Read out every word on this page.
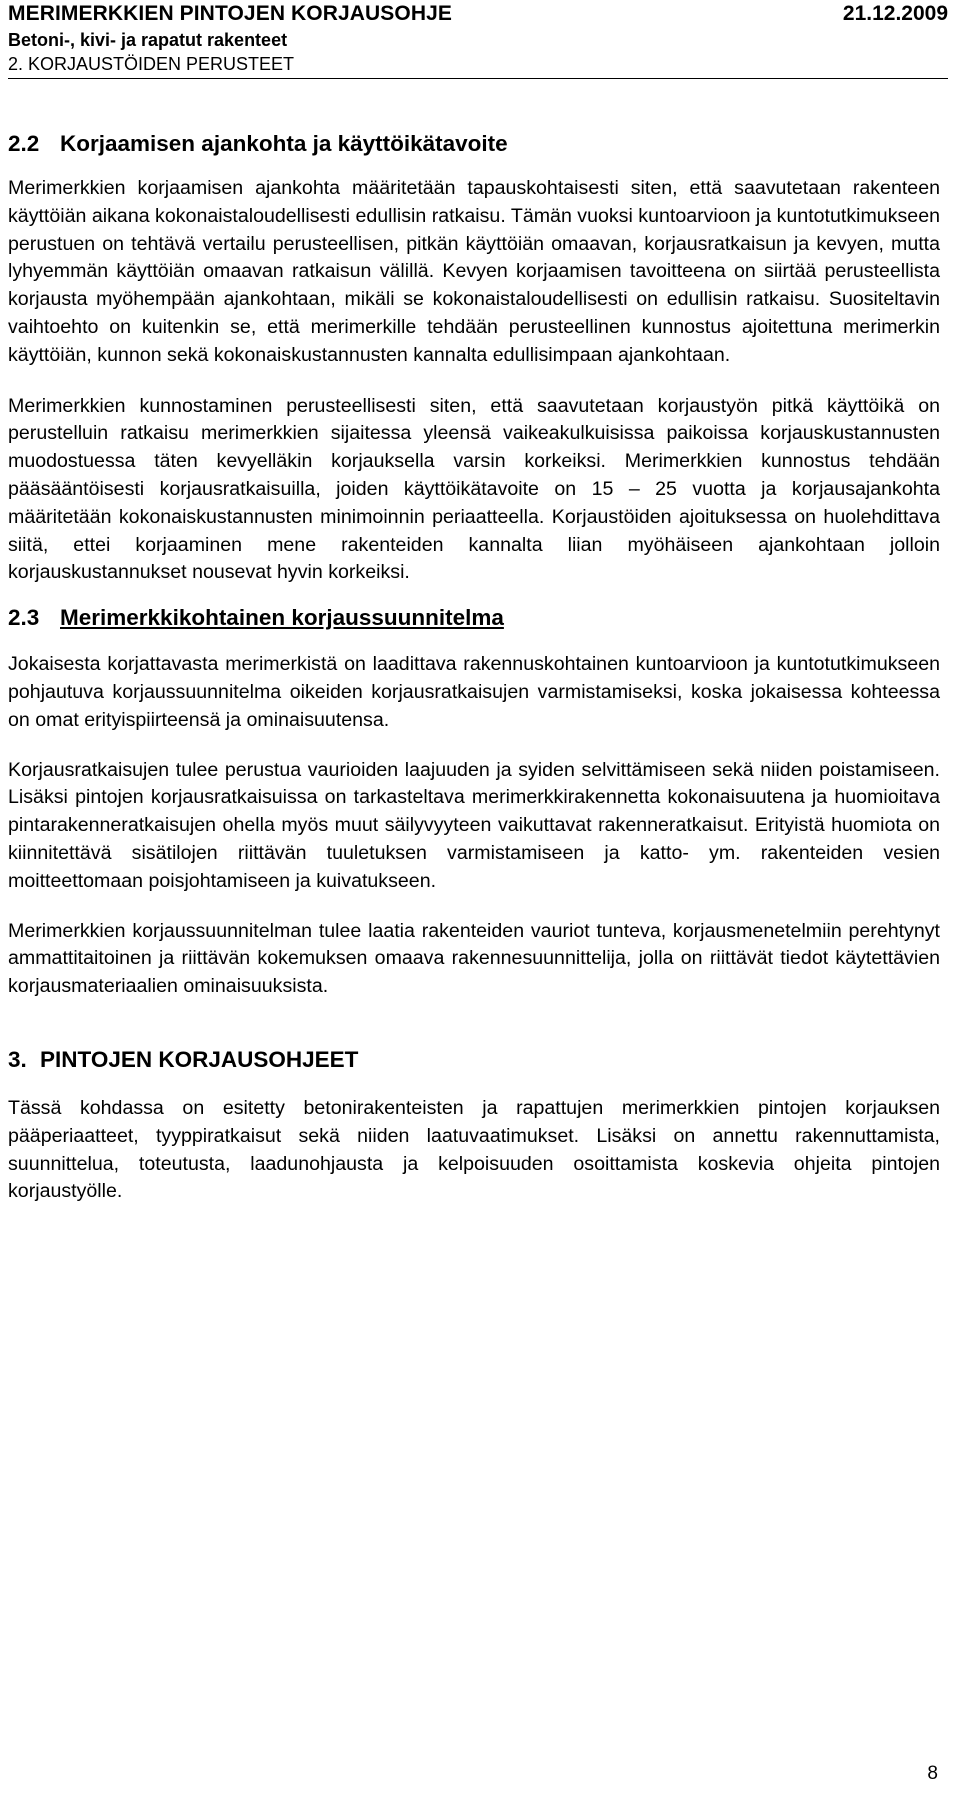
MERIMERKKIEN PINTOJEN KORJAUSOHJE	21.12.2009
Betoni-, kivi- ja rapatut rakenteet
2. KORJAUSTÖIDEN PERUSTEET
2.2 Korjaamisen ajankohta ja käyttöikätavoite

Merimerkkien korjaamisen ajankohta määritetään tapauskohtaisesti siten, että saavutetaan rakenteen käyttöiän aikana kokonaistaloudellisesti edullisin ratkaisu. Tämän vuoksi kuntoarvioon ja kuntotutkimukseen perustuen on tehtävä vertailu perusteellisen, pitkän käyttöiän omaavan, korjausratkaisun ja kevyen, mutta lyhyemmän käyttöiän omaavan ratkaisun välillä. Kevyen korjaamisen tavoitteena on siirtää perusteellista korjausta myöhempään ajankohtaan, mikäli se kokonaistaloudellisesti on edullisin ratkaisu. Suositeltavin vaihtoehto on kuitenkin se, että merimerkille tehdään perusteellinen kunnostus ajoitettuna merimerkin käyttöiän, kunnon sekä kokonaiskustannusten kannalta edullisimpaan ajankohtaan.

Merimerkkien kunnostaminen perusteellisesti siten, että saavutetaan korjaustyön pitkä käyttöikä on perustelluin ratkaisu merimerkkien sijaitessa yleensä vaikeakulkuisissa paikoissa korjauskustannusten muodostuessa täten kevyelläkin korjauksella varsin korkeiksi. Merimerkkien kunnostus tehdään pääsääntöisesti korjausratkaisuilla, joiden käyttöikätavoite on 15 – 25 vuotta ja korjausajankohta määritetään kokonaiskustannusten minimoinnin periaatteella. Korjaustöiden ajoituksessa on huolehdittava siitä, ettei korjaaminen mene rakenteiden kannalta liian myöhäiseen ajankohtaan jolloin korjauskustannukset nousevat hyvin korkeiksi.

2.3 Merimerkkikohtainen korjaussuunnitelma

Jokaisesta korjattavasta merimerkistä on laadittava rakennuskohtainen kuntoarvioon ja kuntotutkimukseen pohjautuva korjaussuunnitelma oikeiden korjausratkaisujen varmistamiseksi, koska jokaisessa kohteessa on omat erityispiirteensä ja ominaisuutensa.

Korjausratkaisujen tulee perustua vaurioiden laajuuden ja syiden selvittämiseen sekä niiden poistamiseen. Lisäksi pintojen korjausratkaisuissa on tarkasteltava merimerkkirakennetta kokonaisuutena ja huomioitava pintarakenneratkaisujen ohella myös muut säilyvyyteen vaikuttavat rakenneratkaisut. Erityistä huomiota on kiinnitettävä sisätilojen riittävän tuuletuksen varmistamiseen ja katto- ym. rakenteiden vesien moitteettomaan poisjohtamiseen ja kuivatukseen.

Merimerkkien korjaussuunnitelman tulee laatia rakenteiden vauriot tunteva, korjausmenetelmiin perehtynyt ammattitaitoinen ja riittävän kokemuksen omaava rakennesuunnittelija, jolla on riittävät tiedot käytettävien korjausmateriaalien ominaisuuksista.

3. PINTOJEN KORJAUSOHJEET

Tässä kohdassa on esitetty betonirakenteisten ja rapattujen merimerkkien pintojen korjauksen pääperiaatteet, tyyppiratkaisut sekä niiden laatuvaatimukset. Lisäksi on annettu rakennuttamista, suunnittelua, toteutusta, laadunohjausta ja kelpoisuuden osoittamista koskevia ohjeita pintojen korjaustyölle.

8
